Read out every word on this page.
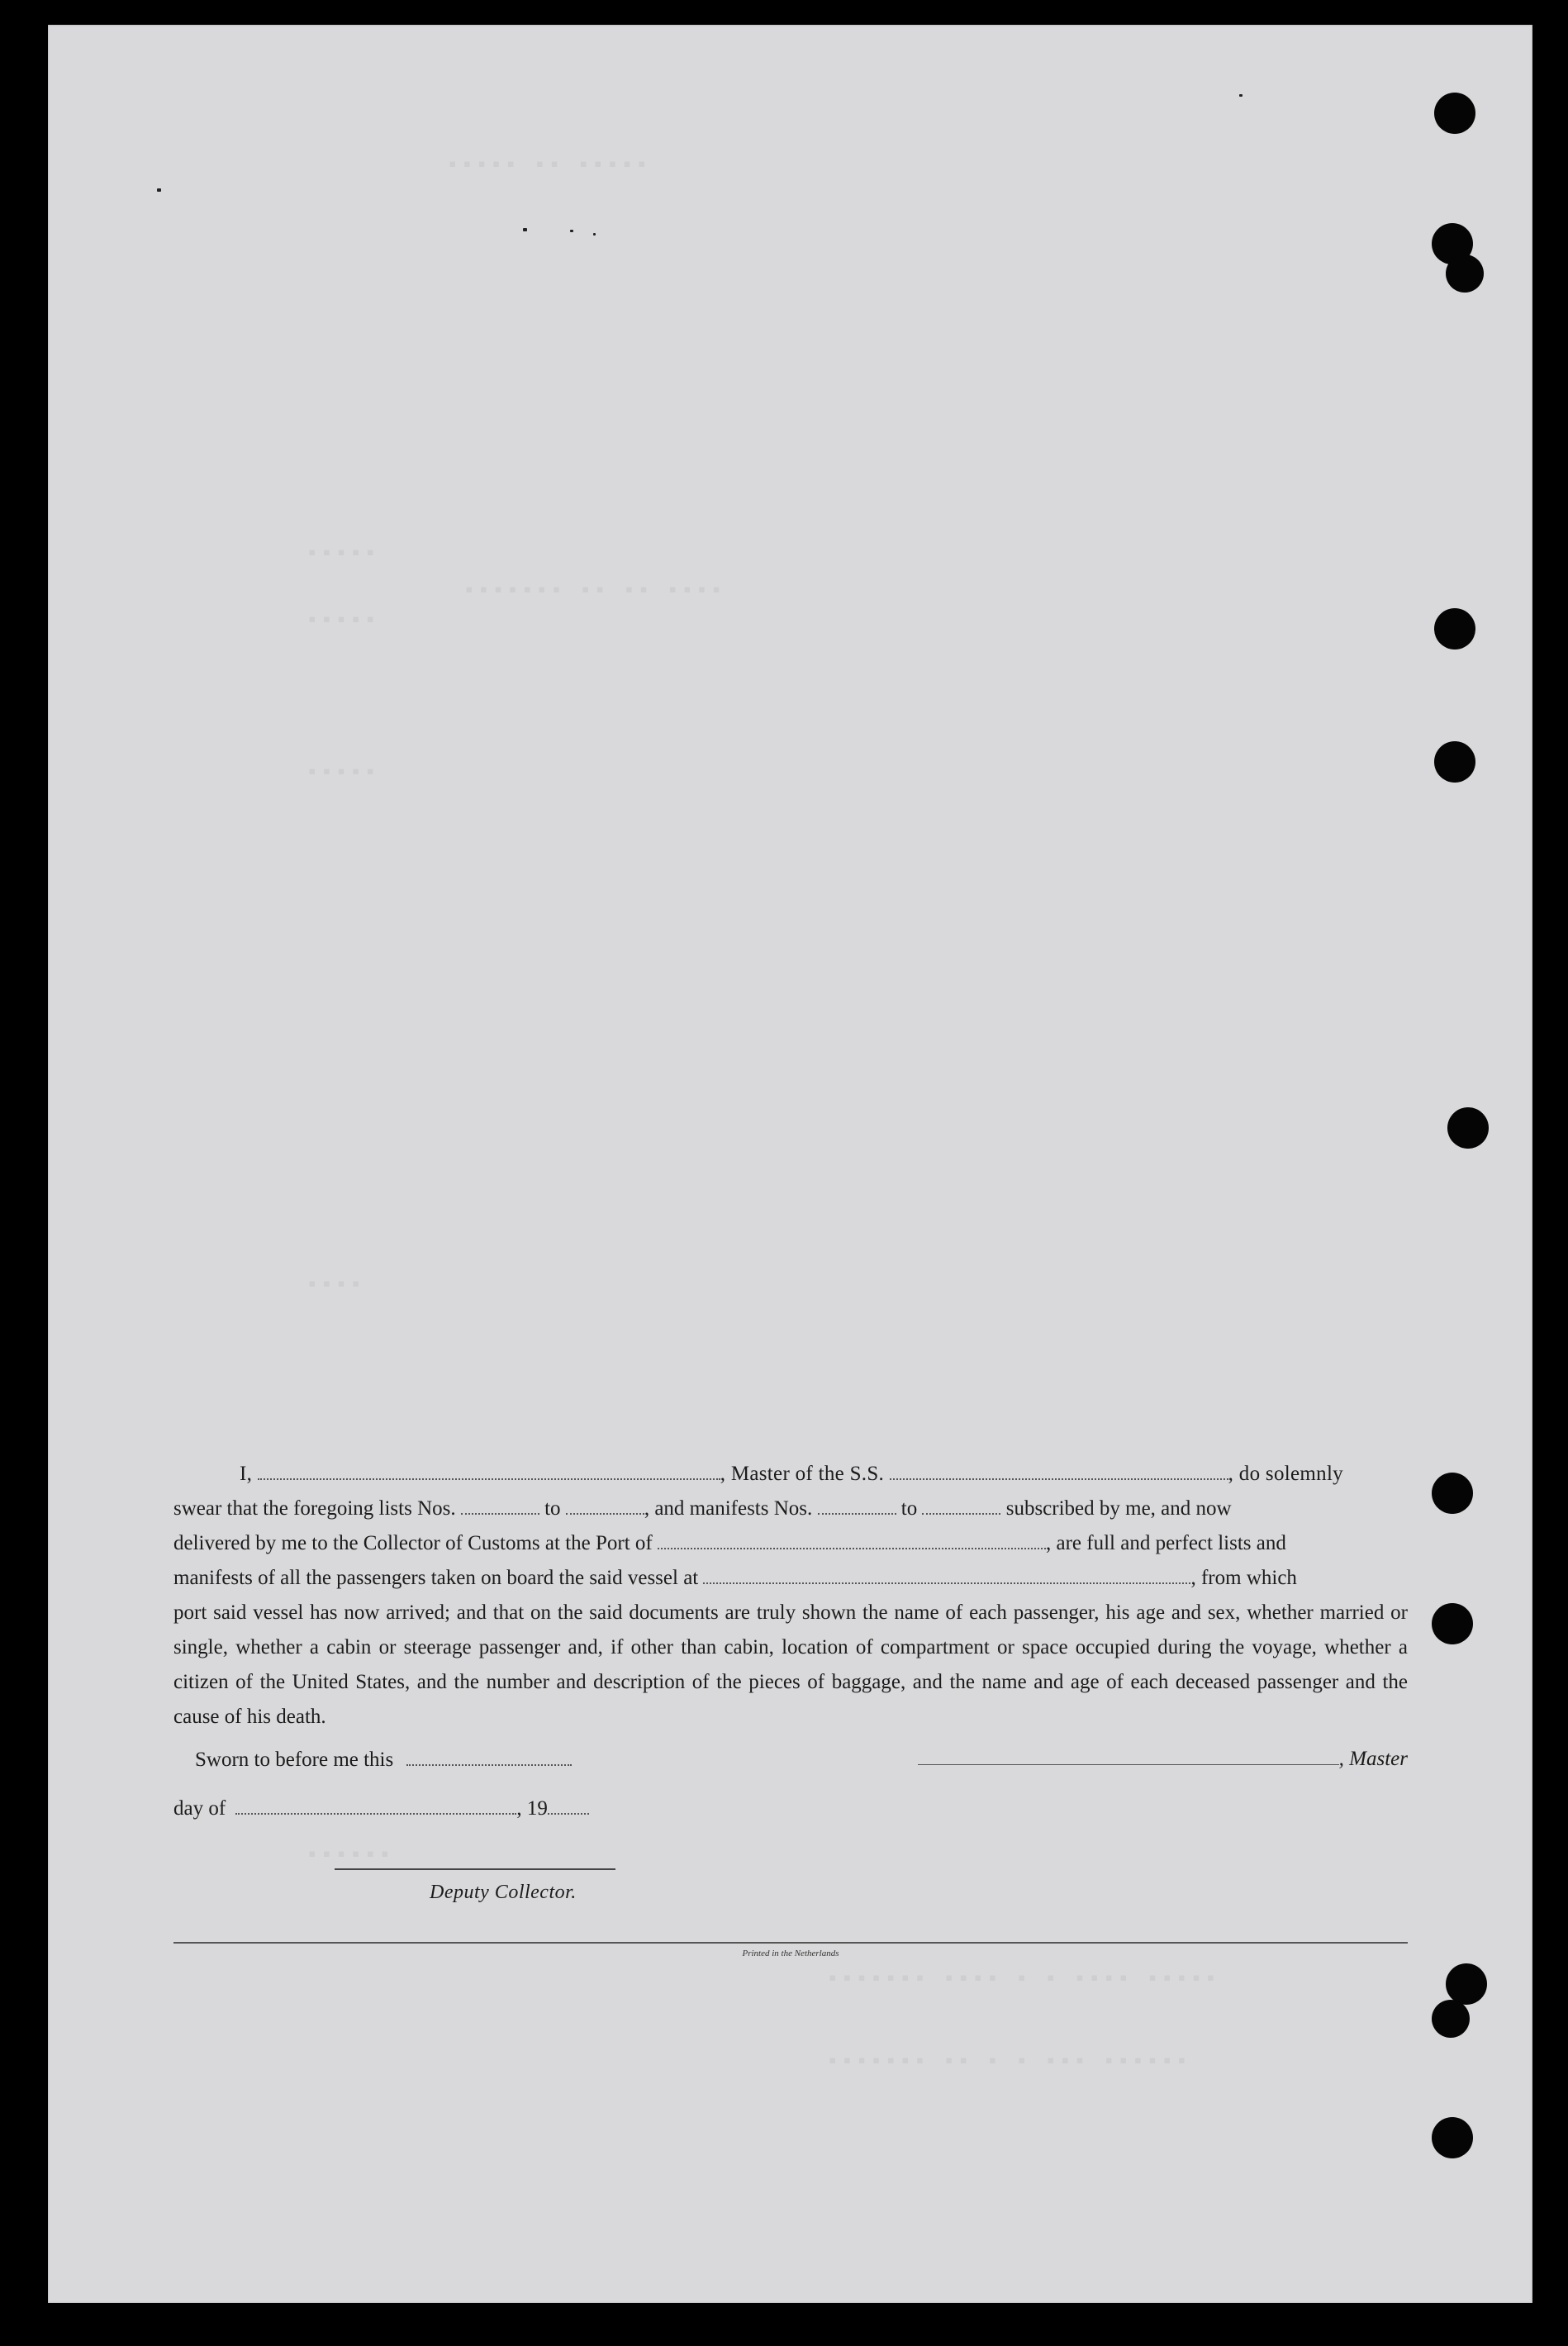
▪▪▪▪▪ ▪▪ ▪▪▪▪▪
▪▪▪▪▪
▪▪▪▪▪▪▪ ▪▪ ▪▪ ▪▪▪▪
▪▪▪▪▪
▪▪▪▪▪
▪▪▪▪
▪▪▪▪▪▪
▪▪▪▪▪▪▪ ▪▪▪▪ ▪ ▪ ▪▪▪▪ ▪▪▪▪▪
▪▪▪▪▪▪▪ ▪▪ ▪ ▪ ▪▪▪ ▪▪▪▪▪▪

I,	, Master of the S.S.	, do solemnly

swear that the foregoing lists Nos.	to	, and manifests Nos.	to	subscribed by me, and now

delivered by me to the Collector of Customs at the Port of	, are full and perfect lists and

manifests of all the passengers taken on board the said vessel at	, from which

port said vessel has now arrived; and that on the said documents are truly shown the name of each passenger, his age and sex, whether married or single, whether a cabin or steerage passenger and, if other than cabin, location of compartment or space occupied during the voyage, whether a citizen of the United States, and the number and description of the pieces of baggage, and the name and age of each deceased passenger and the cause of his death.

Sworn to before me this	, Master
day of	, 19
Deputy Collector.
Printed in the Netherlands
